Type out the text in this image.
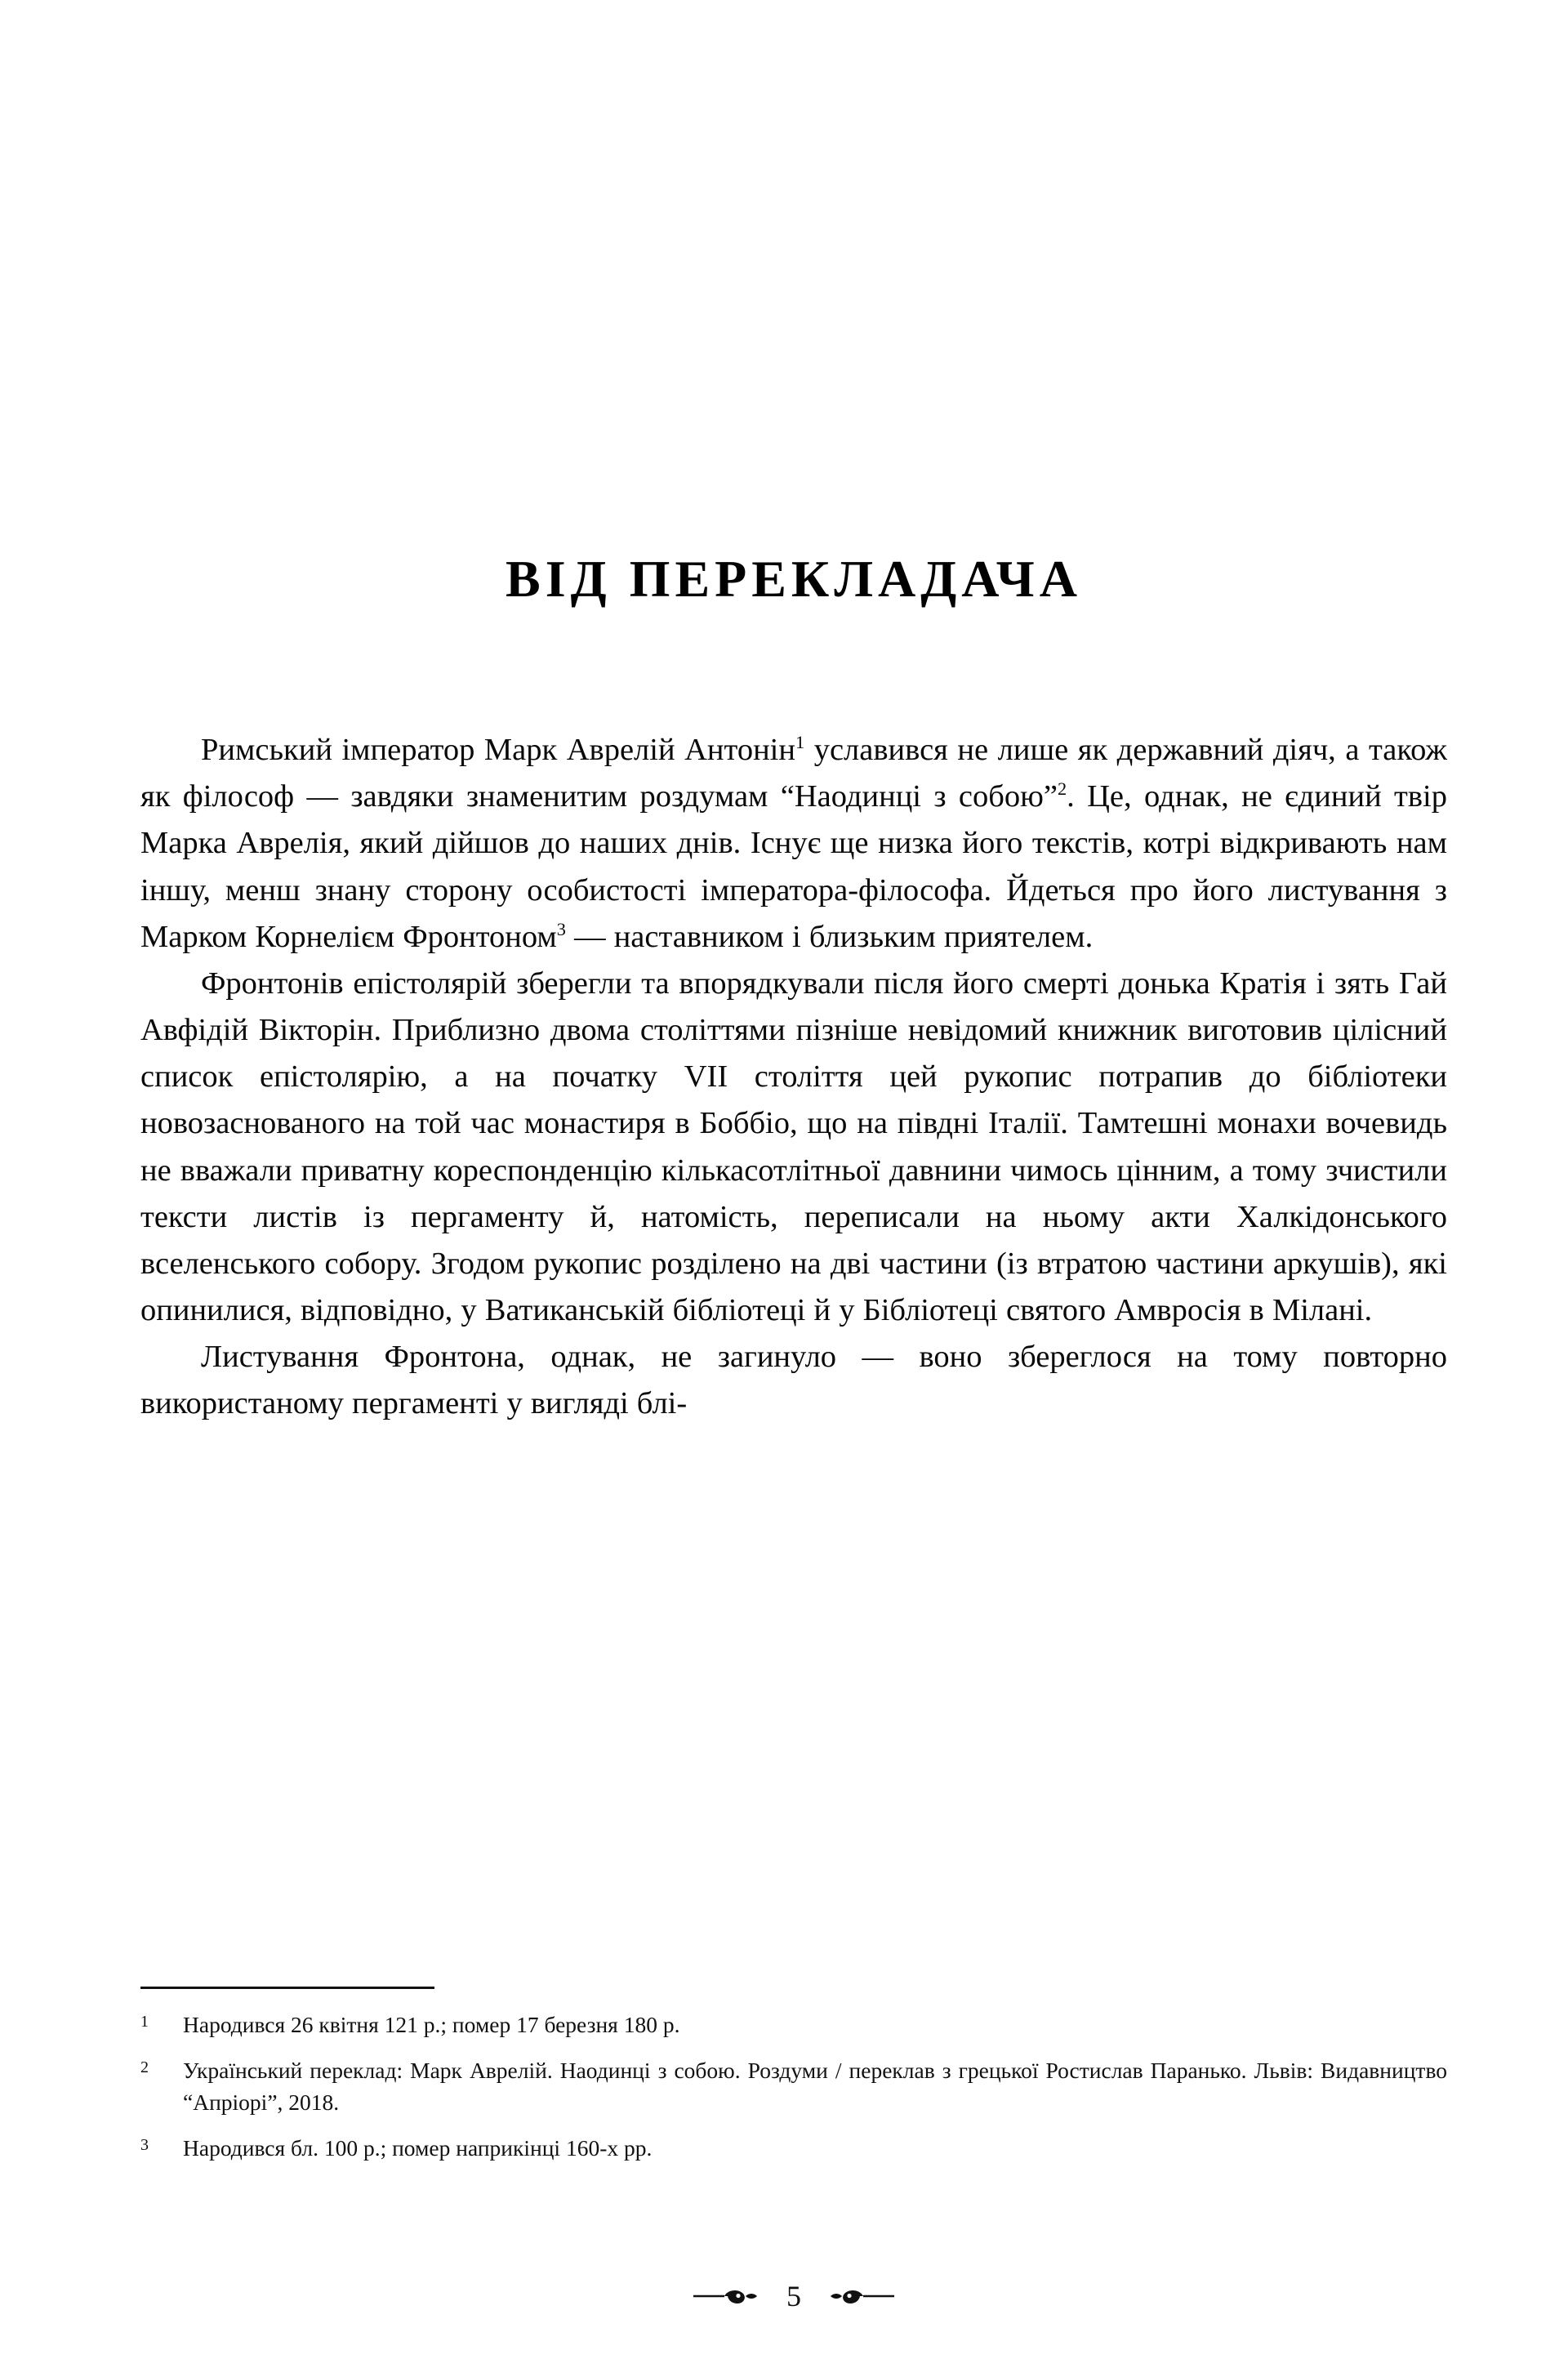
ВІД ПЕРЕКЛАДАЧА

Римський імператор Марк Аврелій Антонін$^1$ уславився не лише як державний діяч, а також як філософ — завдяки знаменитим роздумам “Наодинці з собою”$^2$. Це, однак, не єдиний твір Марка Аврелія, який дійшов до наших днів. Існує ще низка його текстів, котрі відкривають нам іншу, менш знану сторону особистості імператора-філософа. Йдеться про його листування з Марком Корнелієм Фронтоном$^3$ — наставником і близьким приятелем.

Фронтонів епістолярій зберегли та впорядкували після його смерті донька Кратія і зять Гай Авфідій Вікторін. Приблизно двома століттями пізніше невідомий книжник виготовив цілісний список епістолярію, а на початку VII століття цей рукопис потрапив до бібліотеки новозаснованого на той час монастиря в Боббіо, що на півдні Італії. Тамтешні монахи вочевидь не вважали приватну кореспонденцію кількасотлітньої давнини чимось цінним, а тому зчистили тексти листів із пергаменту й, натомість, переписали на ньому акти Халкідонського вселенського собору. Згодом рукопис розділено на дві частини (із втратою частини аркушів), які опинилися, відповідно, у Ватиканській бібліотеці й у Бібліотеці святого Амвросія в Мілані.

Листування Фронтона, однак, не загинуло — воно збереглося на тому повторно використаному пергаменті у вигляді блі-

1	Народився 26 квітня 121 р.; помер 17 березня 180 р.
2	Український переклад: Марк Аврелій. Наодинці з собою. Роздуми / переклав з грецької Ростислав Паранько. Львів: Видавництво “Апріорі”, 2018.
3	Народився бл. 100 р.; помер наприкінці 160-х рр.
5
